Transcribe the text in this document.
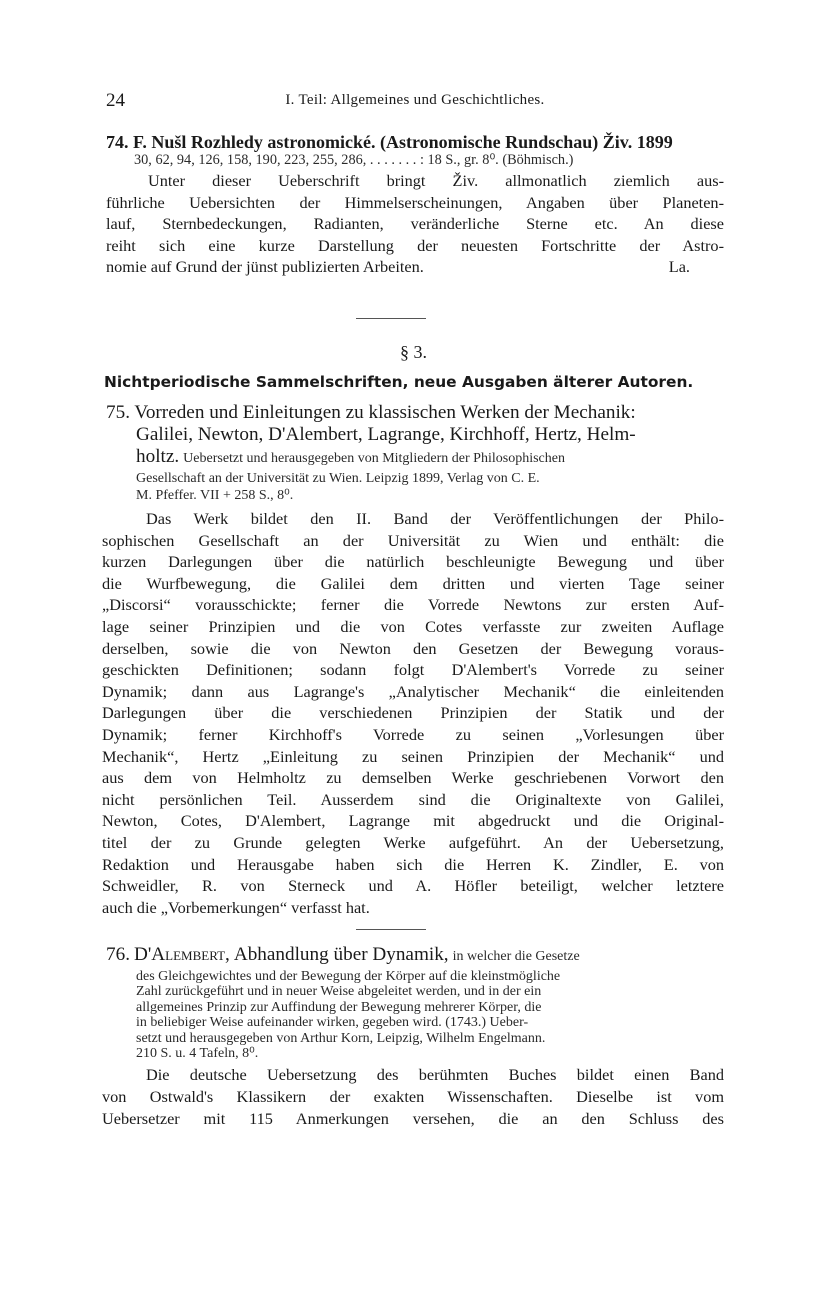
24	I. Teil: Allgemeines und Geschichtliches.
74. F. Nušl Rozhledy astronomické. (Astronomische Rundschau) Živ. 1899
30, 62, 94, 126, 158, 190, 223, 255, 286, . . . . . . . : 18 S., gr. 8⁰. (Böhmisch.)
Unter dieser Ueberschrift bringt Živ. allmonatlich ziemlich aus-
führliche Uebersichten der Himmelserscheinungen, Angaben über Planeten-
lauf, Sternbedeckungen, Radianten, veränderliche Sterne etc. An diese
reiht sich eine kurze Darstellung der neuesten Fortschritte der Astro-
nomie auf Grund der jünst publizierten Arbeiten.	La.
§ 3.
Nichtperiodische Sammelschriften, neue Ausgaben älterer Autoren.
75. Vorreden und Einleitungen zu klassischen Werken der Mechanik:
Galilei, Newton, D'Alembert, Lagrange, Kirchhoff, Hertz, Helm-
holtz. Uebersetzt und herausgegeben von Mitgliedern der Philosophischen
Gesellschaft an der Universität zu Wien. Leipzig 1899, Verlag von C. E.
M. Pfeffer. VII + 258 S., 8⁰.
Das Werk bildet den II. Band der Veröffentlichungen der Philo-
sophischen Gesellschaft an der Universität zu Wien und enthält: die
kurzen Darlegungen über die natürlich beschleunigte Bewegung und über
die Wurfbewegung, die Galilei dem dritten und vierten Tage seiner
„Discorsi“ vorausschickte; ferner die Vorrede Newtons zur ersten Auf-
lage seiner Prinzipien und die von Cotes verfasste zur zweiten Auflage
derselben, sowie die von Newton den Gesetzen der Bewegung voraus-
geschickten Definitionen; sodann folgt D'Alembert's Vorrede zu seiner
Dynamik; dann aus Lagrange's „Analytischer Mechanik“ die einleitenden
Darlegungen über die verschiedenen Prinzipien der Statik und der
Dynamik; ferner Kirchhoff's Vorrede zu seinen „Vorlesungen über
Mechanik“, Hertz „Einleitung zu seinen Prinzipien der Mechanik“ und
aus dem von Helmholtz zu demselben Werke geschriebenen Vorwort den
nicht persönlichen Teil. Ausserdem sind die Originaltexte von Galilei,
Newton, Cotes, D'Alembert, Lagrange mit abgedruckt und die Original-
titel der zu Grunde gelegten Werke aufgeführt. An der Uebersetzung,
Redaktion und Herausgabe haben sich die Herren K. Zindler, E. von
Schweidler, R. von Sterneck und A. Höfler beteiligt, welcher letztere
auch die „Vorbemerkungen“ verfasst hat.
76. D'Alembert, Abhandlung über Dynamik, in welcher die Gesetze
des Gleichgewichtes und der Bewegung der Körper auf die kleinstmögliche
Zahl zurückgeführt und in neuer Weise abgeleitet werden, und in der ein
allgemeines Prinzip zur Auffindung der Bewegung mehrerer Körper, die
in beliebiger Weise aufeinander wirken, gegeben wird. (1743.) Ueber-
setzt und herausgegeben von Arthur Korn, Leipzig, Wilhelm Engelmann.
210 S. u. 4 Tafeln, 8⁰.
Die deutsche Uebersetzung des berühmten Buches bildet einen Band
von Ostwald's Klassikern der exakten Wissenschaften. Dieselbe ist vom
Uebersetzer mit 115 Anmerkungen versehen, die an den Schluss des
